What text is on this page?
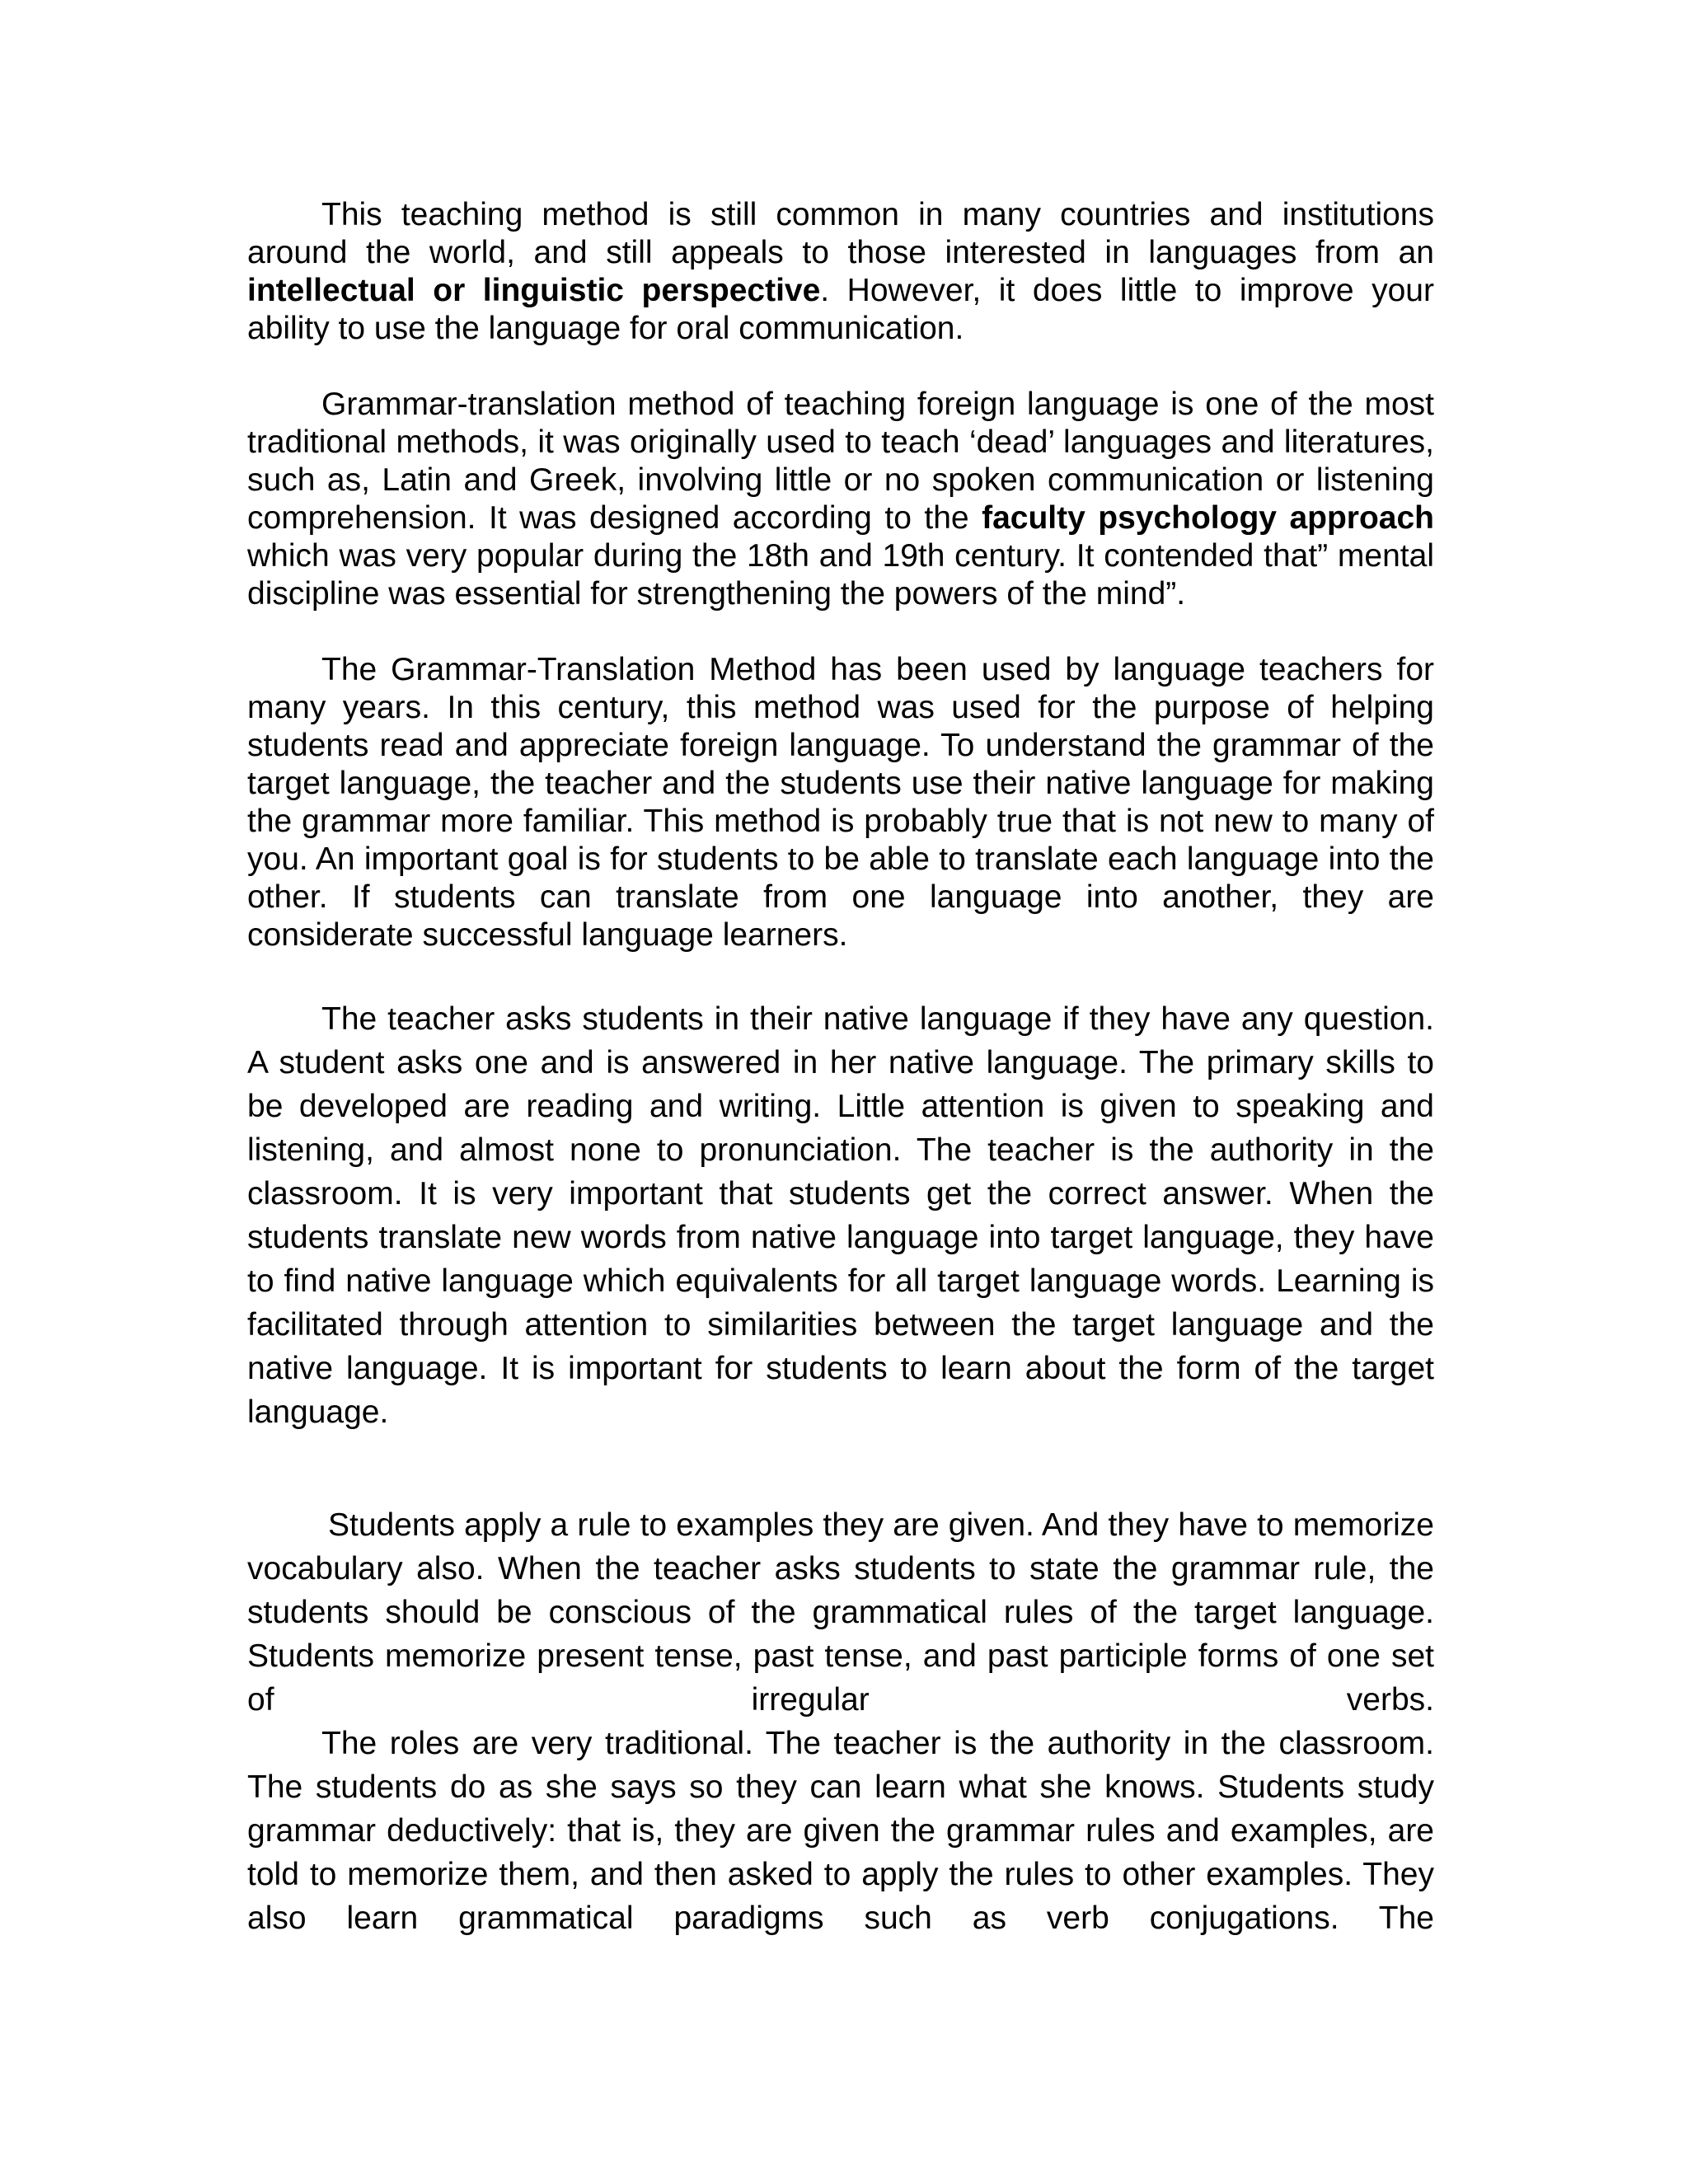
This teaching method is still common in many countries and institutions around the world, and still appeals to those interested in languages from an intellectual or linguistic perspective. However, it does little to improve your ability to use the language for oral communication.

Grammar-translation method of teaching foreign language is one of the most traditional methods, it was originally used to teach ‘dead’ languages and literatures, such as, Latin and Greek, involving little or no spoken communication or listening comprehension. It was designed according to the faculty psychology approach which was very popular during the 18th and 19th century. It contended that” mental discipline was essential for strengthening the powers of the mind”.

The Grammar-Translation Method has been used by language teachers for many years. In this century, this method was used for the purpose of helping students read and appreciate foreign language. To understand the grammar of the target language, the teacher and the students use their native language for making the grammar more familiar. This method is probably true that is not new to many of you. An important goal is for students to be able to translate each language into the other. If students can translate from one language into another, they are considerate successful language learners.

The teacher asks students in their native language if they have any question. A student asks one and is answered in her native language. The primary skills to be developed are reading and writing. Little attention is given to speaking and listening, and almost none to pronunciation. The teacher is the authority in the classroom. It is very important that students get the correct answer. When the students translate new words from native language into target language, they have to find native language which equivalents for all target language words. Learning is facilitated through attention to similarities between the target language and the native language. It is important for students to learn about the form of the target language.

Students apply a rule to examples they are given. And they have to memorize vocabulary also. When the teacher asks students to state the grammar rule, the students should be conscious of the grammatical rules of the target language. Students memorize present tense, past tense, and past participle forms of one set of irregular verbs.

The roles are very traditional. The teacher is the authority in the classroom. The students do as she says so they can learn what she knows. Students study grammar deductively: that is, they are given the grammar rules and examples, are told to memorize them, and then asked to apply the rules to other examples. They also learn grammatical paradigms such as verb conjugations. The
